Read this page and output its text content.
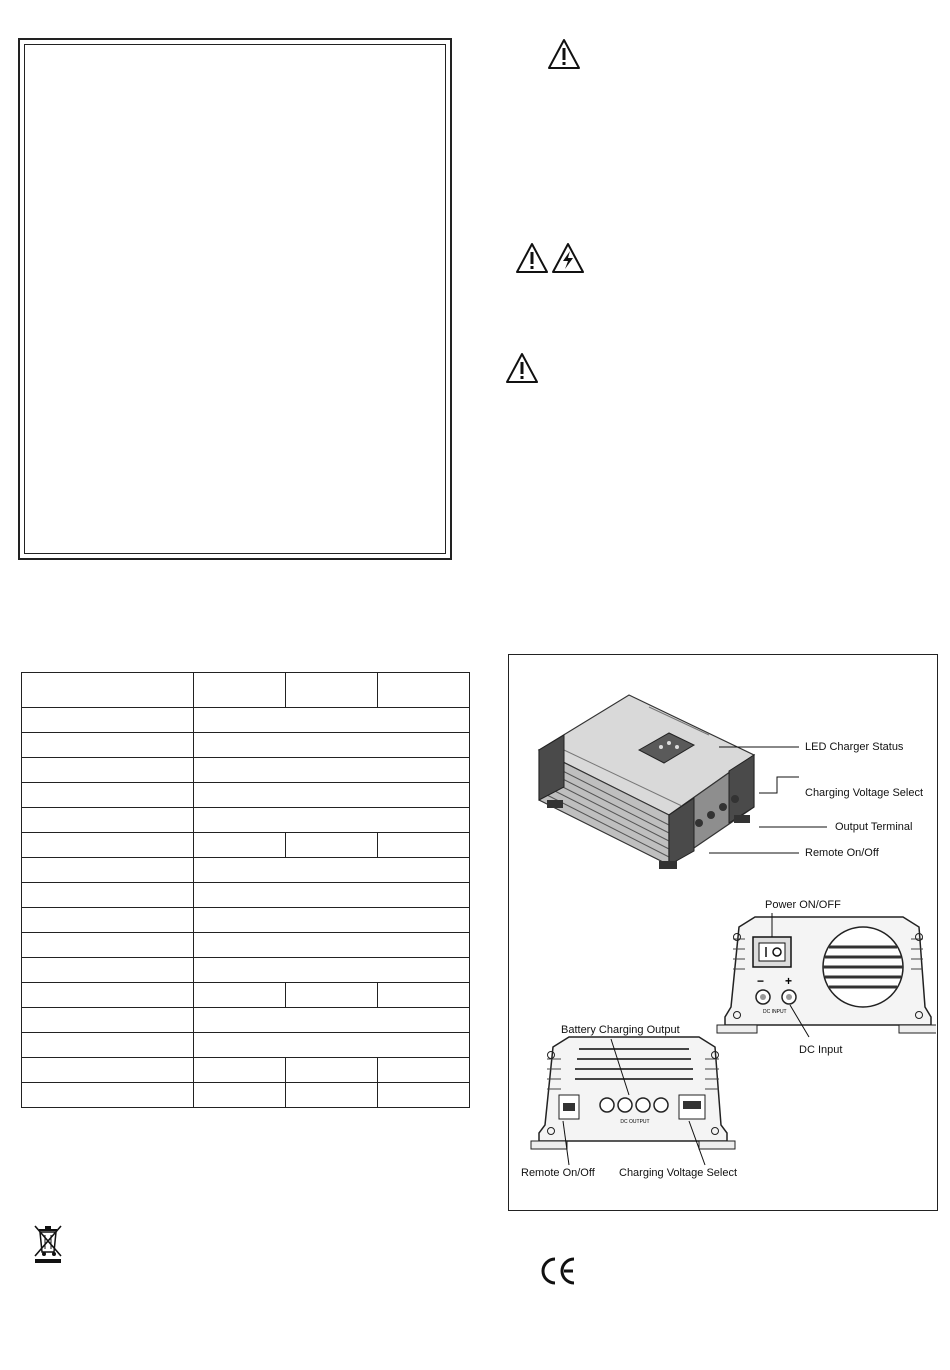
− +
DC INPUT
DC OUTPUT
LED Charger Status
Charging Voltage Select
Output Terminal
Remote On/Off
Power ON/OFF
DC Input
Battery Charging Output
Remote On/Off Charging Voltage Select
